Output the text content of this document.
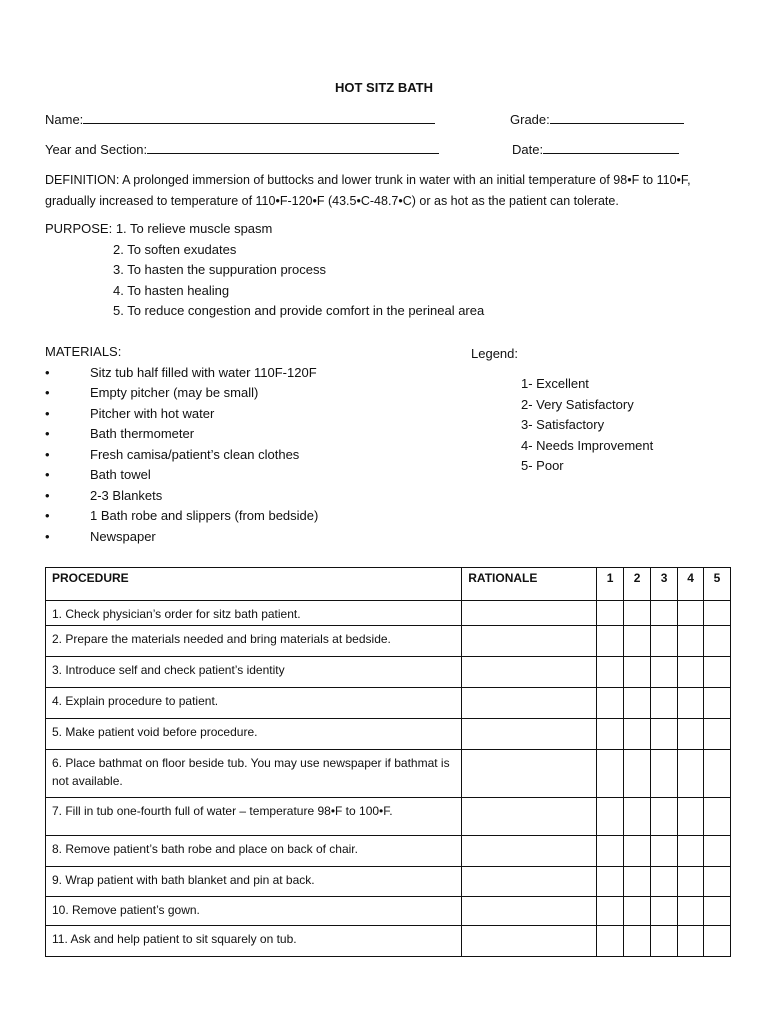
HOT SITZ BATH
Name:	Grade:
Year and Section:	Date:
DEFINITION: A prolonged immersion of buttocks and lower trunk in water with an initial temperature of 98•F to 110•F, gradually increased to temperature of 110•F-120•F (43.5•C-48.7•C) or as hot as the patient can tolerate.
PURPOSE: 1. To relieve muscle spasm
2. To soften exudates
3. To hasten the suppuration process
4. To hasten healing
5. To reduce congestion and provide comfort in the perineal area
MATERIALS:
•	Sitz tub half filled with water 110F-120F
•	Empty pitcher (may be small)
•	Pitcher with hot water
•	Bath thermometer
•	Fresh camisa/patient’s clean clothes
•	Bath towel
•	2-3 Blankets
•	1 Bath robe and slippers (from bedside)
•	Newspaper
Legend:
1- Excellent
2- Very Satisfactory
3- Satisfactory
4- Needs Improvement
5- Poor
PROCEDURE	RATIONALE	1	2	3	4	5
1. Check physician’s order for sitz bath patient.						
2. Prepare the materials needed and bring materials at bedside.						
3. Introduce self and check patient’s identity						
4. Explain procedure to patient.						
5. Make patient void before procedure.						
6. Place bathmat on floor beside tub. You may use newspaper if bathmat is not available.						
7. Fill in tub one-fourth full of water – temperature 98•F to 100•F.						
8. Remove patient’s bath robe and place on back of chair.						
9. Wrap patient with bath blanket and pin at back.						
10. Remove patient’s gown.						
11. Ask and help patient to sit squarely on tub.						
